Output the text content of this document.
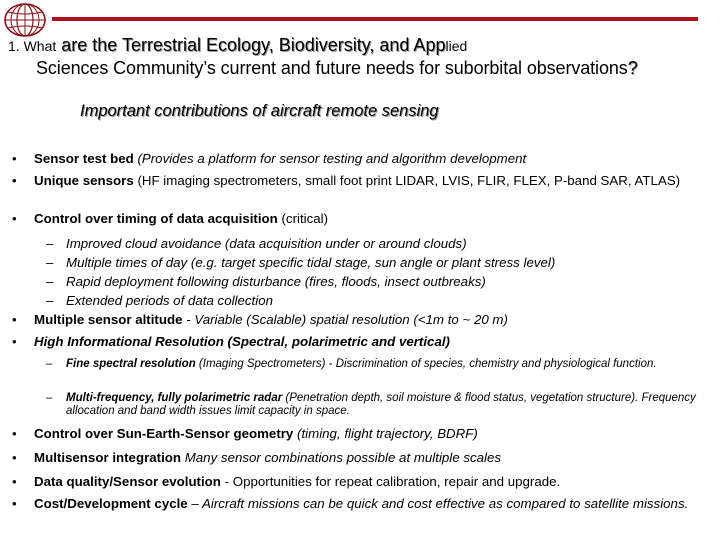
1. What are the Terrestrial Ecology, Biodiversity, and Applied
Sciences Community’s current and future needs for suborbital observations?
Important contributions of aircraft remote sensing
• Sensor test bed (Provides a platform for sensor testing and algorithm development
• Unique sensors (HF imaging spectrometers, small foot print LIDAR, LVIS, FLIR, FLEX, P-band SAR, ATLAS)
• Control over timing of data acquisition (critical)
– Improved cloud avoidance (data acquisition under or around clouds)
– Multiple times of day (e.g. target specific tidal stage, sun angle or plant stress level)
– Rapid deployment following disturbance (fires, floods, insect outbreaks)
– Extended periods of data collection
• Multiple sensor altitude - Variable (Scalable) spatial resolution (<1m to ~ 20 m)
• High Informational Resolution (Spectral, polarimetric and vertical)
– Fine spectral resolution (Imaging Spectrometers) - Discrimination of species, chemistry and physiological function.
– Multi-frequency, fully polarimetric radar (Penetration depth, soil moisture & flood status, vegetation structure). Frequency allocation and band width issues limit capacity in space.
• Control over Sun-Earth-Sensor geometry (timing, flight trajectory, BDRF)
• Multisensor integration Many sensor combinations possible at multiple scales
• Data quality/Sensor evolution - Opportunities for repeat calibration, repair and upgrade.
• Cost/Development cycle – Aircraft missions can be quick and cost effective as compared to satellite missions.
